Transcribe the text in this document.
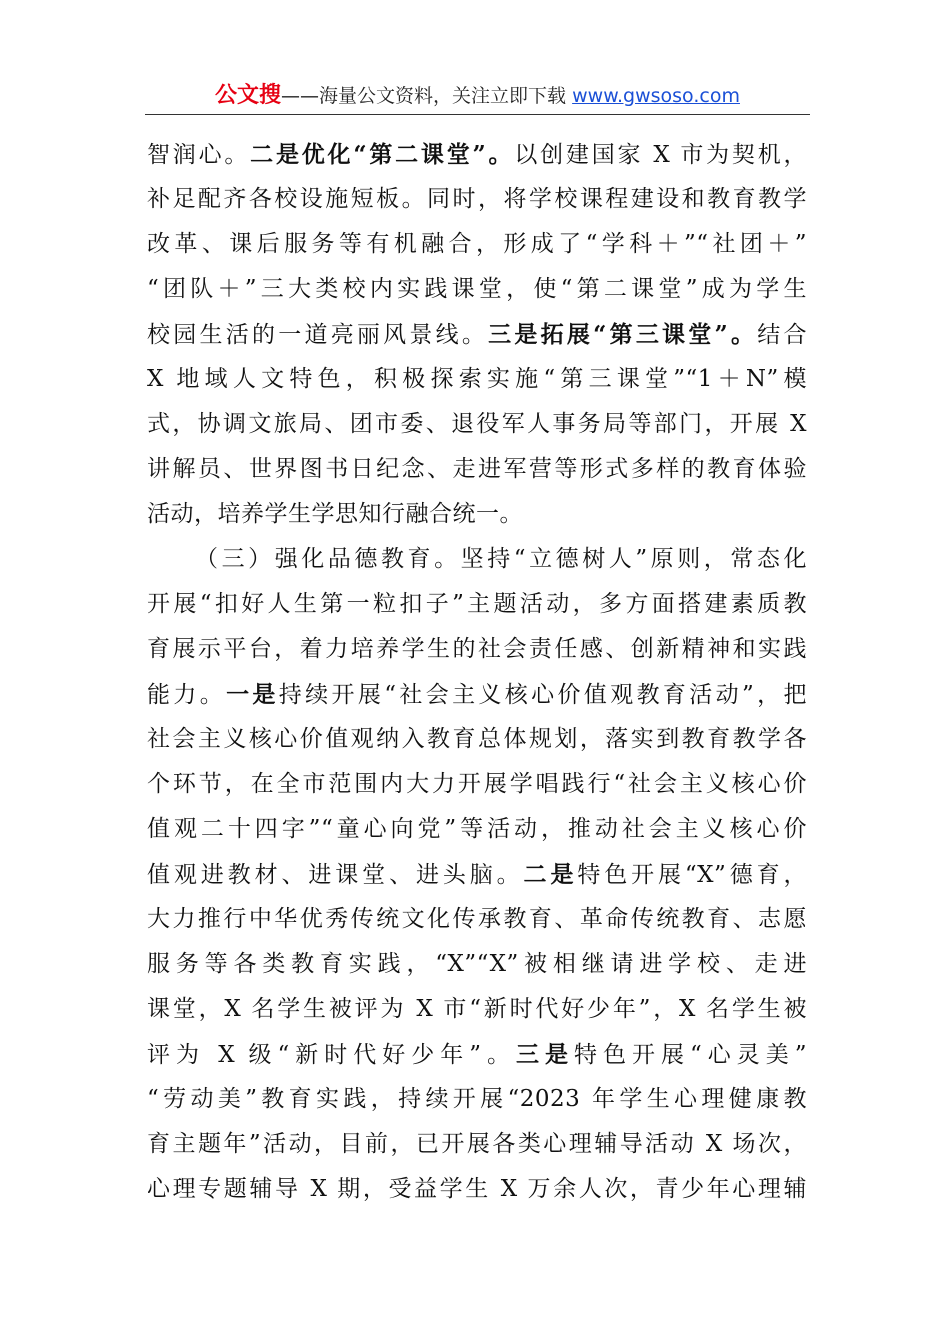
公文搜——海量公文资料，关注立即下载 www.gwsoso.com
智润心。二是优化“第二课堂”。以创建国家 X 市为契机，
补足配齐各校设施短板。同时，将学校课程建设和教育教学
改革、课后服务等有机融合，形成了“学科＋”“社团＋”
“团队＋”三大类校内实践课堂，使“第二课堂”成为学生
校园生活的一道亮丽风景线。三是拓展“第三课堂”。结合
X 地域人文特色，积极探索实施“第三课堂”“1＋N”模
式，协调文旅局、团市委、退役军人事务局等部门，开展 X
讲解员、世界图书日纪念、走进军营等形式多样的教育体验
活动，培养学生学思知行融合统一。
（三）强化品德教育。坚持“立德树人”原则，常态化
开展“扣好人生第一粒扣子”主题活动，多方面搭建素质教
育展示平台，着力培养学生的社会责任感、创新精神和实践
能力。一是持续开展“社会主义核心价值观教育活动”，把
社会主义核心价值观纳入教育总体规划，落实到教育教学各
个环节，在全市范围内大力开展学唱践行“社会主义核心价
值观二十四字”“童心向党”等活动，推动社会主义核心价
值观进教材、进课堂、进头脑。二是特色开展“X”德育，
大力推行中华优秀传统文化传承教育、革命传统教育、志愿
服务等各类教育实践，“X”“X”被相继请进学校、走进
课堂，X 名学生被评为 X 市“新时代好少年”，X 名学生被
评为 X 级“新时代好少年”。三是特色开展“心灵美”
“劳动美”教育实践，持续开展“2023 年学生心理健康教
育主题年”活动，目前，已开展各类心理辅导活动 X 场次，
心理专题辅导 X 期，受益学生 X 万余人次，青少年心理辅
